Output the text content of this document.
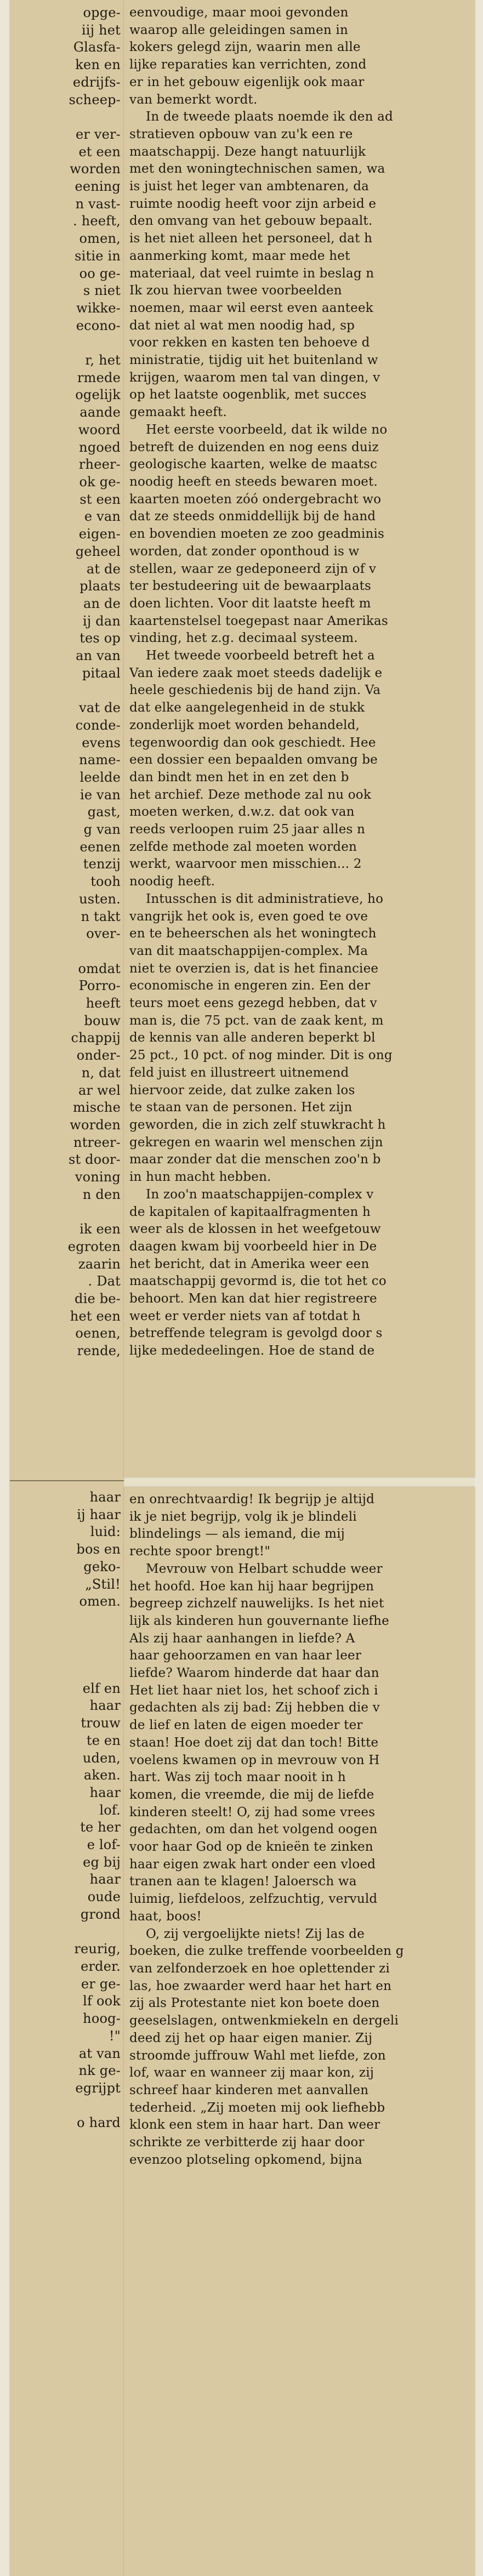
opge-
iij het
Glasfa-
ken en
edrijfs-
scheep-

er ver-
et een
worden
eening
n vast-
. heeft,
omen,
sitie in
oo ge-
s niet
wikke-
econo-

r, het
rmede
ogelijk
aande
woord
ngoed
rheer-
ok ge-
st een
e van
eigen-
geheel
at de
plaats
an de
ij dan
tes op
an van
pitaal

vat de
conde-
evens
name-
leelde
ie van
gast,
g van
eenen
tenzij
tooh
usten.
n takt
over-

omdat
Porro-
heeft
bouw
chappij
onder-
n, dat
ar wel
mische
worden
ntreer-
st door-
voning
n den

ik een
egroten
zaarin
. Dat
die be-
het een
oenen,
rende,
haar
ij haar
luid:
bos en
geko-
„Stil!
omen.

elf en
haar
trouw
te en
uden,
aken.
haar
lof.
te her
e lof-
eg bij
haar
oude
grond

reurig,
erder.
er ge-
lf ook
hoog-
!"
at van
nk ge-
egrijpt

o hard
eenvoudige, maar mooi gevonden
waarop alle geleidingen samen in
kokers gelegd zijn, waarin men alle
lijke reparaties kan verrichten, zond
er in het gebouw eigenlijk ook maar
van bemerkt wordt.
In de tweede plaats noemde ik den ad
stratieven opbouw van zu'k een re
maatschappij. Deze hangt natuurlijk
met den woningtechnischen samen, wa
is juist het leger van ambtenaren, da
ruimte noodig heeft voor zijn arbeid e
den omvang van het gebouw bepaalt.
is het niet alleen het personeel, dat h
aanmerking komt, maar mede het
materiaal, dat veel ruimte in beslag n
Ik zou hiervan twee voorbeelden
noemen, maar wil eerst even aanteek
dat niet al wat men noodig had, sp
voor rekken en kasten ten behoeve d
ministratie, tijdig uit het buitenland w
krijgen, waarom men tal van dingen, v
op het laatste oogenblik, met succes
gemaakt heeft.
Het eerste voorbeeld, dat ik wilde no
betreft de duizenden en nog eens duiz
geologische kaarten, welke de maatsc
noodig heeft en steeds bewaren moet.
kaarten moeten zóó ondergebracht wo
dat ze steeds onmiddellijk bij de hand
en bovendien moeten ze zoo geadminis
worden, dat zonder oponthoud is w
stellen, waar ze gedeponeerd zijn of v
ter bestudeering uit de bewaarplaats
doen lichten. Voor dit laatste heeft m
kaartenstelsel toegepast naar Amerikas
vinding, het z.g. decimaal systeem.
Het tweede voorbeeld betreft het a
Van iedere zaak moet steeds dadelijk e
heele geschiedenis bij de hand zijn. Va
dat elke aangelegenheid in de stukk
zonderlijk moet worden behandeld,
tegenwoordig dan ook geschiedt. Hee
een dossier een bepaalden omvang be
dan bindt men het in en zet den b
het archief. Deze methode zal nu ook
moeten werken, d.w.z. dat ook van
reeds verloopen ruim 25 jaar alles n
zelfde methode zal moeten worden
werkt, waarvoor men misschien... 2
noodig heeft.
Intusschen is dit administratieve, ho
vangrijk het ook is, even goed te ove
en te beheerschen als het woningtech
van dit maatschappijen-complex. Ma
niet te overzien is, dat is het financiee
economische in engeren zin. Een der
teurs moet eens gezegd hebben, dat v
man is, die 75 pct. van de zaak kent, m
de kennis van alle anderen beperkt bl
25 pct., 10 pct. of nog minder. Dit is ong
feld juist en illustreert uitnemend
hiervoor zeide, dat zulke zaken los
te staan van de personen. Het zijn
geworden, die in zich zelf stuwkracht h
gekregen en waarin wel menschen zijn
maar zonder dat die menschen zoo'n b
in hun macht hebben.
In zoo'n maatschappijen-complex v
de kapitalen of kapitaalfragmenten h
weer als de klossen in het weefgetouw
daagen kwam bij voorbeeld hier in De
het bericht, dat in Amerika weer een
maatschappij gevormd is, die tot het co
behoort. Men kan dat hier registreere
weet er verder niets van af totdat h
betreffende telegram is gevolgd door s
lijke mededeelingen. Hoe de stand de
en onrechtvaardig! Ik begrijp je altijd
ik je niet begrijp, volg ik je blindeli
blindelings — als iemand, die mij
rechte spoor brengt!"
Mevrouw von Helbart schudde weer
het hoofd. Hoe kan hij haar begrijpen
begreep zichzelf nauwelijks. Is het niet
lijk als kinderen hun gouvernante liefhe
Als zij haar aanhangen in liefde? A
haar gehoorzamen en van haar leer
liefde? Waarom hinderde dat haar dan
Het liet haar niet los, het schoof zich i
gedachten als zij bad: Zij hebben die v
de lief en laten de eigen moeder ter
staan! Hoe doet zij dat dan toch! Bitte
voelens kwamen op in mevrouw von H
hart. Was zij toch maar nooit in h
komen, die vreemde, die mij de liefde
kinderen steelt! O, zij had some vrees
gedachten, om dan het volgend oogen
voor haar God op de knieën te zinken
haar eigen zwak hart onder een vloed
tranen aan te klagen! Jaloersch wa
luimig, liefdeloos, zelfzuchtig, vervuld
haat, boos!
O, zij vergoelijkte niets! Zij las de
boeken, die zulke treffende voorbeelden g
van zelfonderzoek en hoe oplettender zi
las, hoe zwaarder werd haar het hart en
zij als Protestante niet kon boete doen
geeselslagen, ontwenkmiekeln en dergeli
deed zij het op haar eigen manier. Zij
stroomde juffrouw Wahl met liefde, zon
lof, waar en wanneer zij maar kon, zij
schreef haar kinderen met aanvallen
tederheid. „Zij moeten mij ook liefhebb
klonk een stem in haar hart. Dan weer
schrikte ze verbitterde zij haar door
evenzoo plotseling opkomend, bijna
